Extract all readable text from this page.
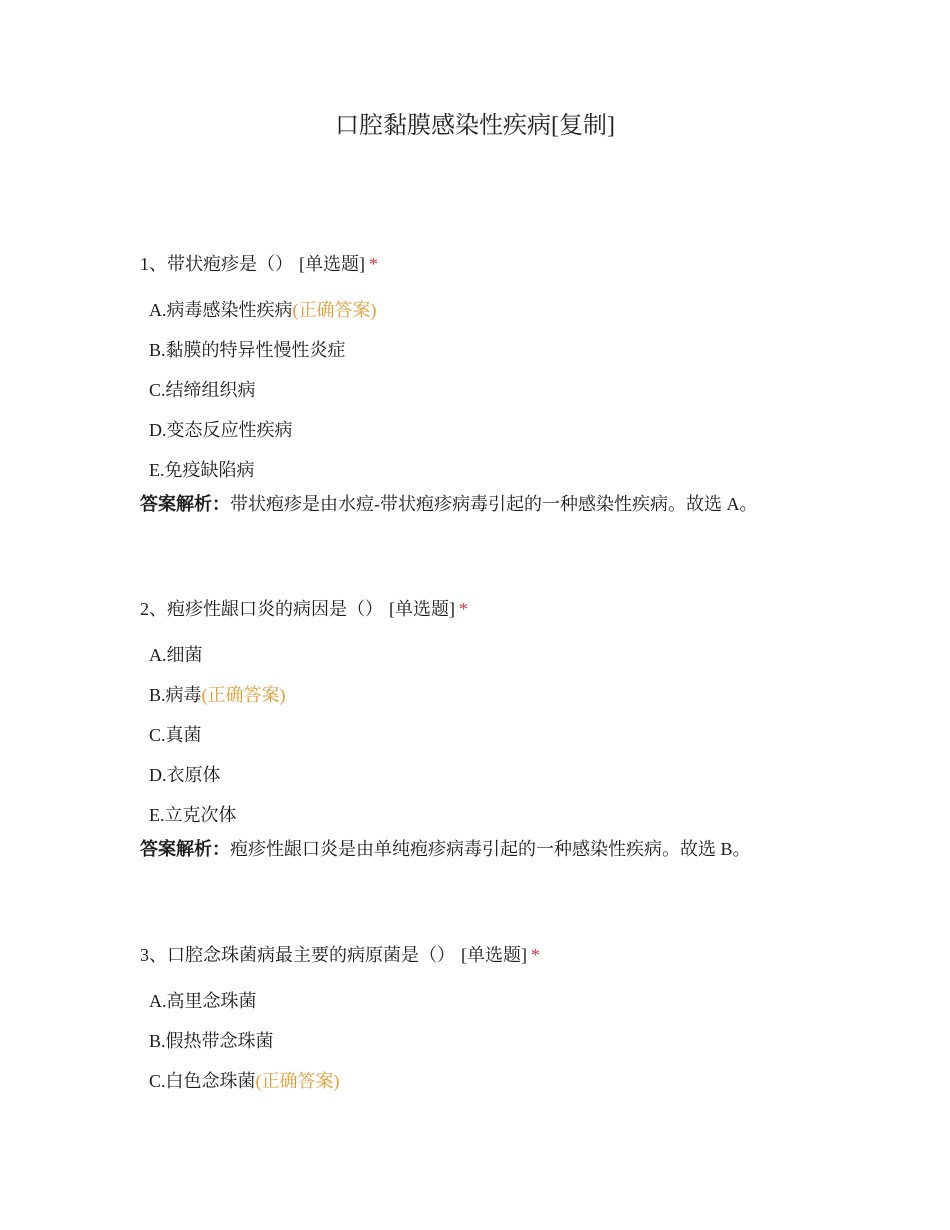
口腔黏膜感染性疾病[复制]
1、带状疱疹是（） [单选题] *
A.病毒感染性疾病(正确答案)
B.黏膜的特异性慢性炎症
C.结缔组织病
D.变态反应性疾病
E.免疫缺陷病
答案解析：带状疱疹是由水痘-带状疱疹病毒引起的一种感染性疾病。故选 A。
2、疱疹性龈口炎的病因是（） [单选题] *
A.细菌
B.病毒(正确答案)
C.真菌
D.衣原体
E.立克次体
答案解析：疱疹性龈口炎是由单纯疱疹病毒引起的一种感染性疾病。故选 B。
3、口腔念珠菌病最主要的病原菌是（） [单选题] *
A.高里念珠菌
B.假热带念珠菌
C.白色念珠菌(正确答案)
